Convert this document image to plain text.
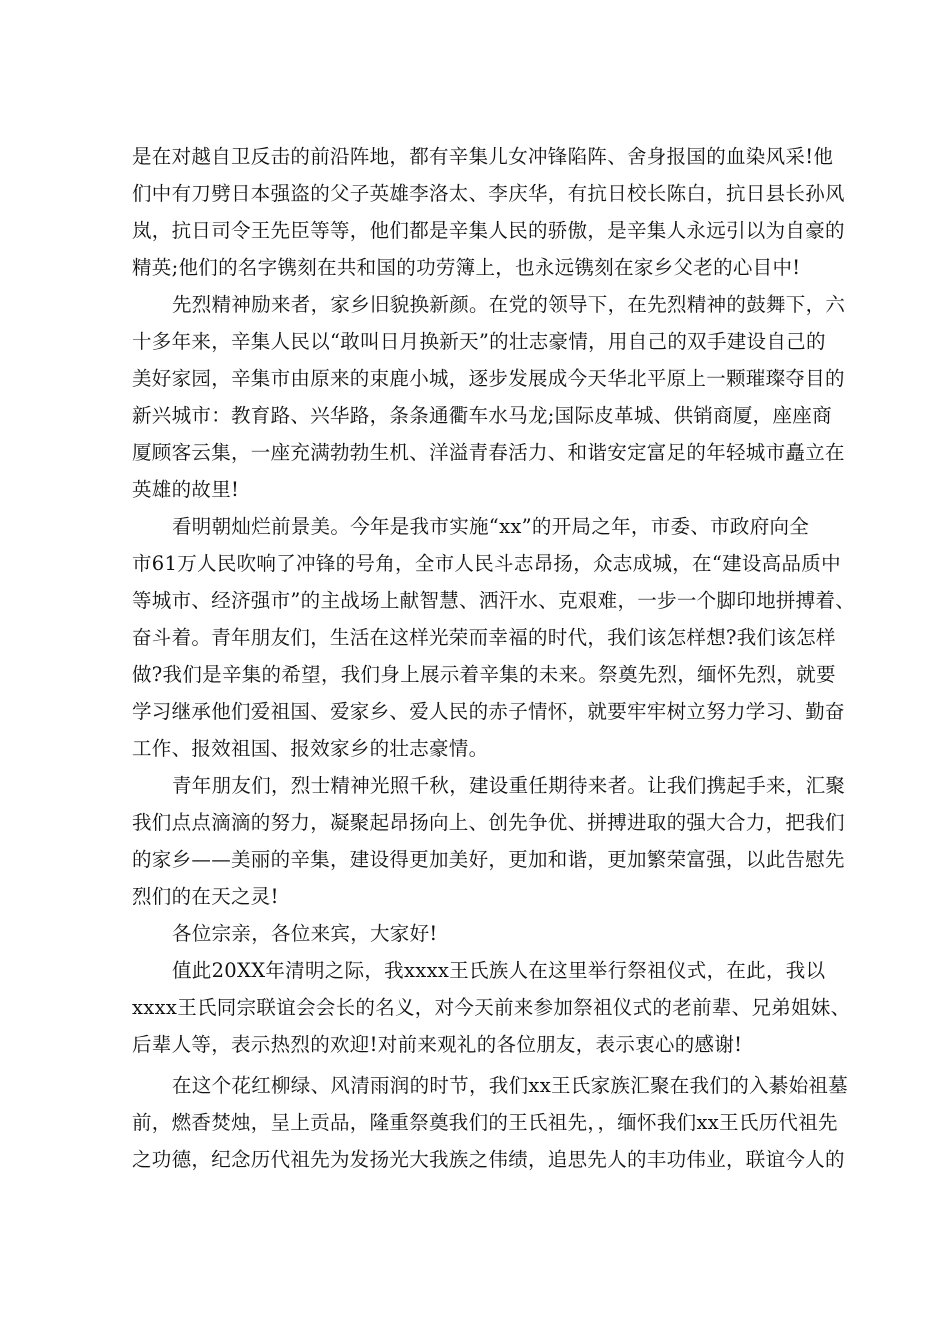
是在对越自卫反击的前沿阵地，都有辛集儿女冲锋陷阵、舍身报国的血染风采!他
们中有刀劈日本强盗的父子英雄李洛太、李庆华，有抗日校长陈白，抗日县长孙风
岚，抗日司令王先臣等等，他们都是辛集人民的骄傲，是辛集人永远引以为自豪的
精英;他们的名字镌刻在共和国的功劳簿上，也永远镌刻在家乡父老的心目中!
先烈精神励来者，家乡旧貌换新颜。在党的领导下，在先烈精神的鼓舞下，六
十多年来，辛集人民以“敢叫日月换新天”的壮志豪情，用自己的双手建设自己的
美好家园，辛集市由原来的束鹿小城，逐步发展成今天华北平原上一颗璀璨夺目的
新兴城市：教育路、兴华路，条条通衢车水马龙;国际皮革城、供销商厦，座座商
厦顾客云集，一座充满勃勃生机、洋溢青春活力、和谐安定富足的年轻城市矗立在
英雄的故里!
看明朝灿烂前景美。今年是我市实施“xx”的开局之年，市委、市政府向全
市61万人民吹响了冲锋的号角，全市人民斗志昂扬，众志成城，在“建设高品质中
等城市、经济强市”的主战场上献智慧、洒汗水、克艰难，一步一个脚印地拼搏着、
奋斗着。青年朋友们，生活在这样光荣而幸福的时代，我们该怎样想?我们该怎样
做?我们是辛集的希望，我们身上展示着辛集的未来。祭奠先烈，缅怀先烈，就要
学习继承他们爱祖国、爱家乡、爱人民的赤子情怀，就要牢牢树立努力学习、勤奋
工作、报效祖国、报效家乡的壮志豪情。
青年朋友们，烈士精神光照千秋，建设重任期待来者。让我们携起手来，汇聚
我们点点滴滴的努力，凝聚起昂扬向上、创先争优、拼搏进取的强大合力，把我们
的家乡——美丽的辛集，建设得更加美好，更加和谐，更加繁荣富强，以此告慰先
烈们的在天之灵!
各位宗亲，各位来宾，大家好!
值此20XX年清明之际，我xxxx王氏族人在这里举行祭祖仪式，在此，我以
xxxx王氏同宗联谊会会长的名义，对今天前来参加祭祖仪式的老前辈、兄弟姐妹、
后辈人等，表示热烈的欢迎!对前来观礼的各位朋友，表示衷心的感谢!
在这个花红柳绿、风清雨润的时节，我们xx王氏家族汇聚在我们的入綦始祖墓
前，燃香焚烛，呈上贡品，隆重祭奠我们的王氏祖先，，缅怀我们xx王氏历代祖先
之功德，纪念历代祖先为发扬光大我族之伟绩，追思先人的丰功伟业，联谊今人的
